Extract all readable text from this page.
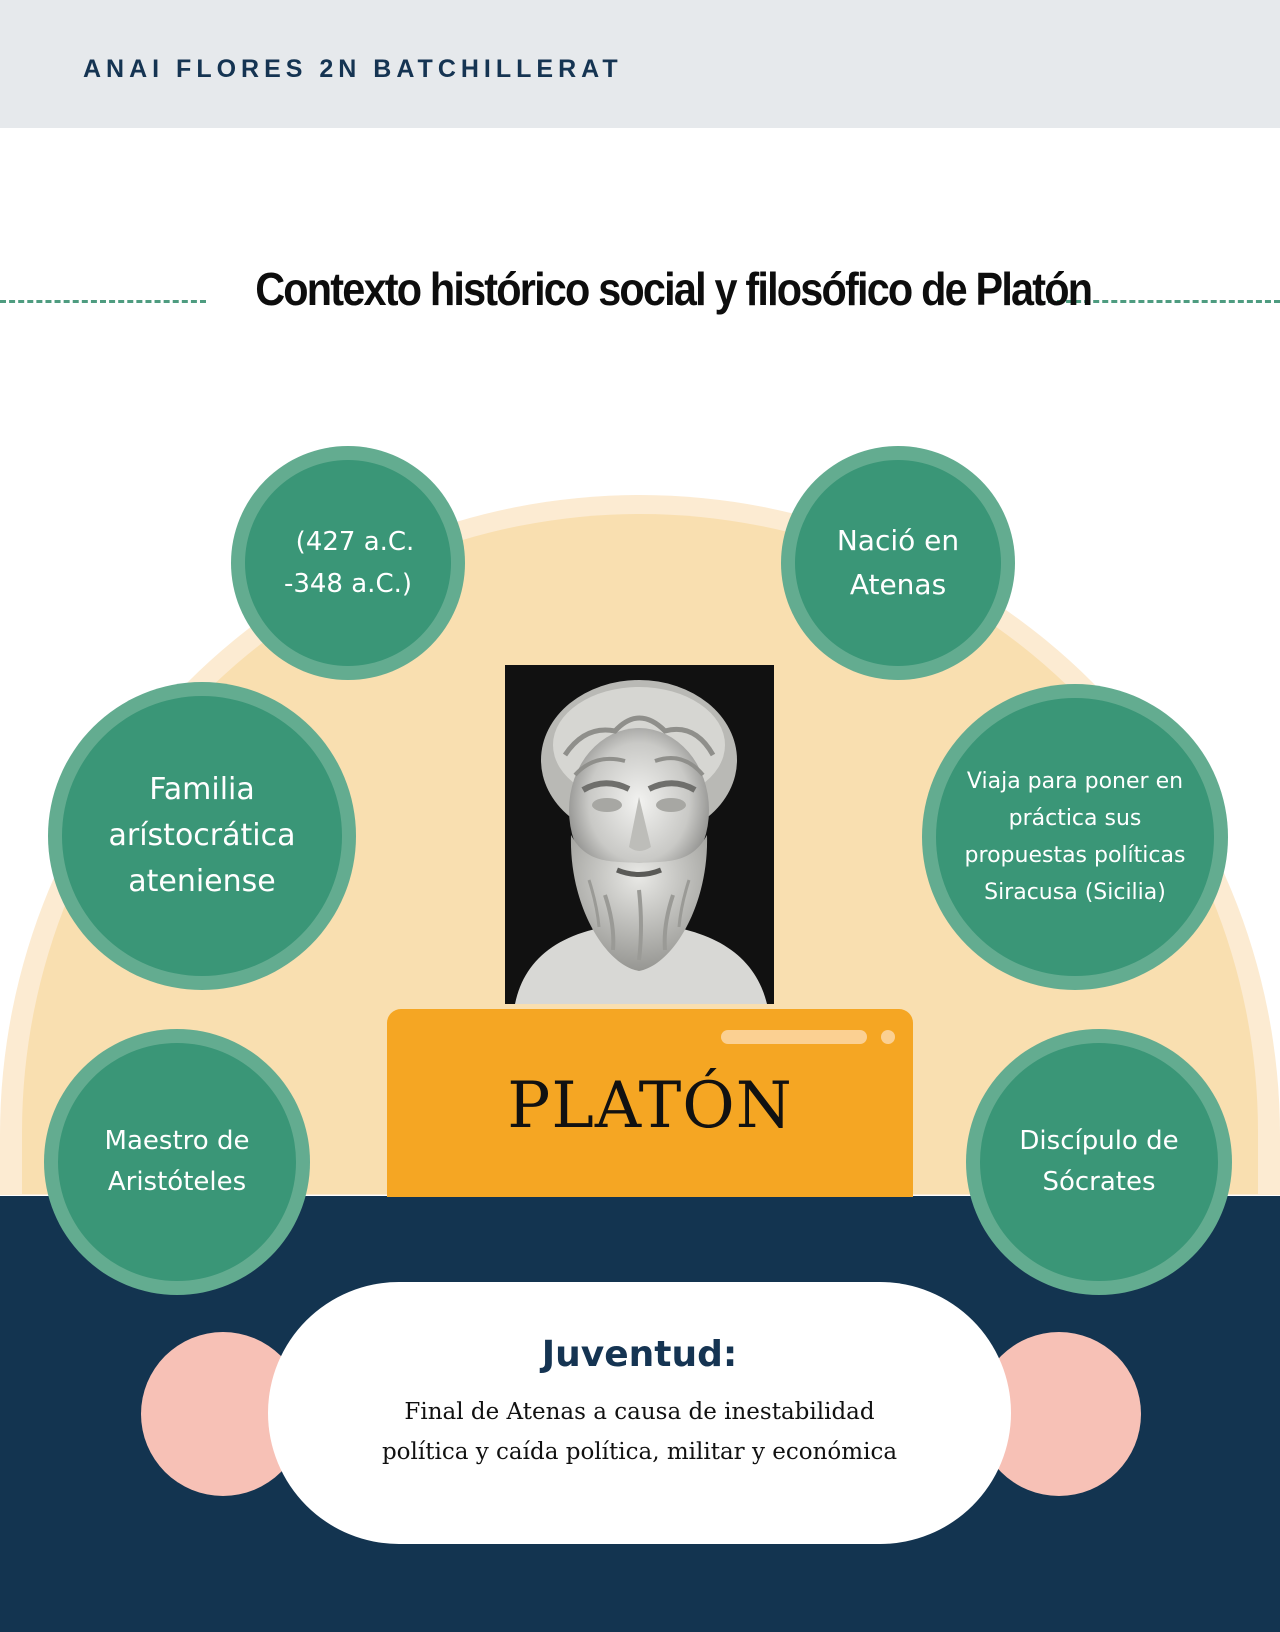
ANAI FLORES 2N BATCHILLERAT
Contexto histórico social y filosófico de Platón
PLATÓN
(427 a.C.
-348 a.C.)
Nació en
Atenas
Familia
arístocrática
ateniense
Viaja para poner en
práctica sus
propuestas políticas
Siracusa (Sicilia)
Maestro de
Aristóteles
Discípulo de
Sócrates
Juventud:
Final de Atenas a causa de inestabilidad
política y caída política, militar y económica
